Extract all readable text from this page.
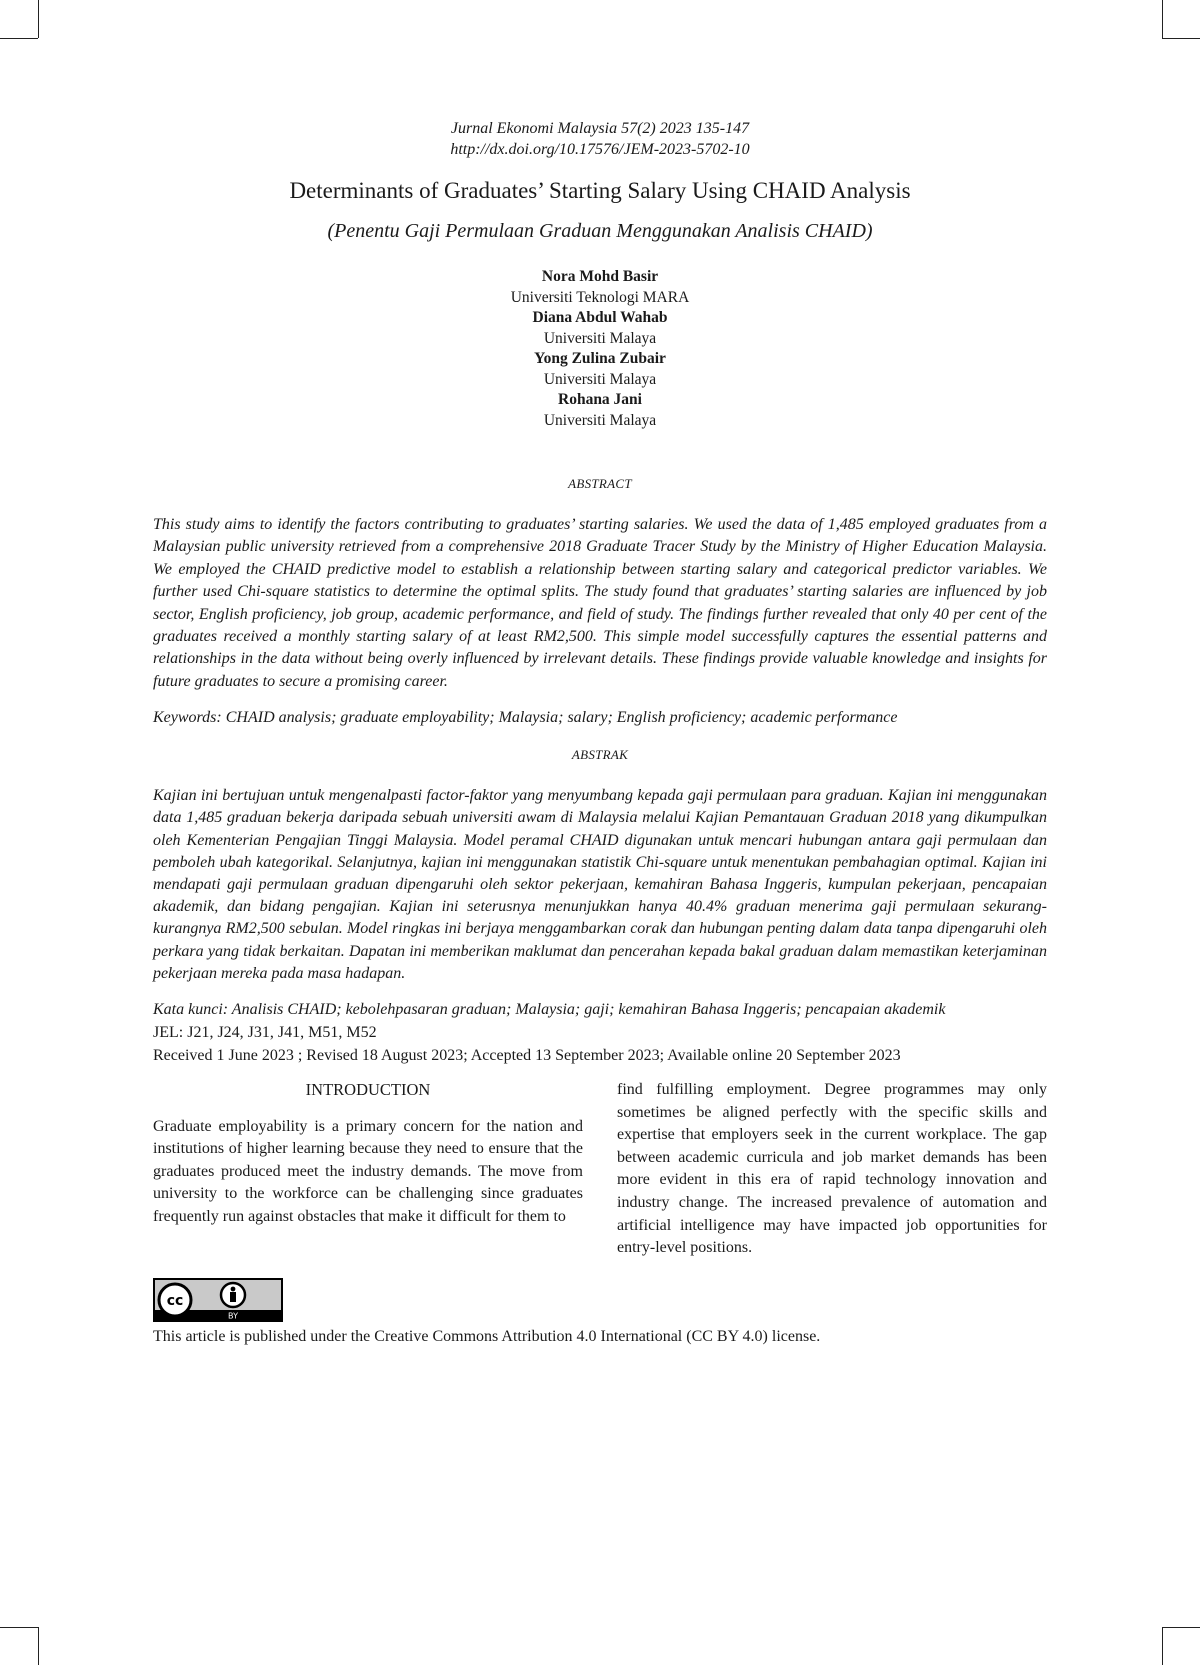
Jurnal Ekonomi Malaysia 57(2) 2023 135-147
http://dx.doi.org/10.17576/JEM-2023-5702-10
Determinants of Graduates’ Starting Salary Using CHAID Analysis
(Penentu Gaji Permulaan Graduan Menggunakan Analisis CHAID)
Nora Mohd Basir
Universiti Teknologi MARA
Diana Abdul Wahab
Universiti Malaya
Yong Zulina Zubair
Universiti Malaya
Rohana Jani
Universiti Malaya
ABSTRACT
This study aims to identify the factors contributing to graduates’ starting salaries. We used the data of 1,485 employed graduates from a Malaysian public university retrieved from a comprehensive 2018 Graduate Tracer Study by the Ministry of Higher Education Malaysia. We employed the CHAID predictive model to establish a relationship between starting salary and categorical predictor variables. We further used Chi-square statistics to determine the optimal splits. The study found that graduates’ starting salaries are influenced by job sector, English proficiency, job group, academic performance, and field of study. The findings further revealed that only 40 per cent of the graduates received a monthly starting salary of at least RM2,500. This simple model successfully captures the essential patterns and relationships in the data without being overly influenced by irrelevant details. These findings provide valuable knowledge and insights for future graduates to secure a promising career.
Keywords: CHAID analysis; graduate employability; Malaysia; salary; English proficiency; academic performance
ABSTRAK
Kajian ini bertujuan untuk mengenalpasti factor-faktor yang menyumbang kepada gaji permulaan para graduan. Kajian ini menggunakan data 1,485 graduan bekerja daripada sebuah universiti awam di Malaysia melalui Kajian Pemantauan Graduan 2018 yang dikumpulkan oleh Kementerian Pengajian Tinggi Malaysia. Model peramal CHAID digunakan untuk mencari hubungan antara gaji permulaan dan pemboleh ubah kategorikal. Selanjutnya, kajian ini menggunakan statistik Chi-square untuk menentukan pembahagian optimal. Kajian ini mendapati gaji permulaan graduan dipengaruhi oleh sektor pekerjaan, kemahiran Bahasa Inggeris, kumpulan pekerjaan, pencapaian akademik, dan bidang pengajian. Kajian ini seterusnya menunjukkan hanya 40.4% graduan menerima gaji permulaan sekurang-kurangnya RM2,500 sebulan. Model ringkas ini berjaya menggambarkan corak dan hubungan penting dalam data tanpa dipengaruhi oleh perkara yang tidak berkaitan. Dapatan ini memberikan maklumat dan pencerahan kepada bakal graduan dalam memastikan keterjaminan pekerjaan mereka pada masa hadapan.
Kata kunci: Analisis CHAID; kebolehpasaran graduan; Malaysia; gaji; kemahiran Bahasa Inggeris; pencapaian akademik
JEL: J21, J24, J31, J41, M51, M52
Received 1 June 2023 ; Revised 18 August 2023; Accepted 13 September 2023; Available online 20 September 2023
INTRODUCTION
Graduate employability is a primary concern for the nation and institutions of higher learning because they need to ensure that the graduates produced meet the industry demands. The move from university to the workforce can be challenging since graduates frequently run against obstacles that make it difficult for them to
find fulfilling employment. Degree programmes may only sometimes be aligned perfectly with the specific skills and expertise that employers seek in the current workplace. The gap between academic curricula and job market demands has been more evident in this era of rapid technology innovation and industry change. The increased prevalence of automation and artificial intelligence may have impacted job opportunities for entry-level positions.
cc
BY
This article is published under the Creative Commons Attribution 4.0 International (CC BY 4.0) license.
